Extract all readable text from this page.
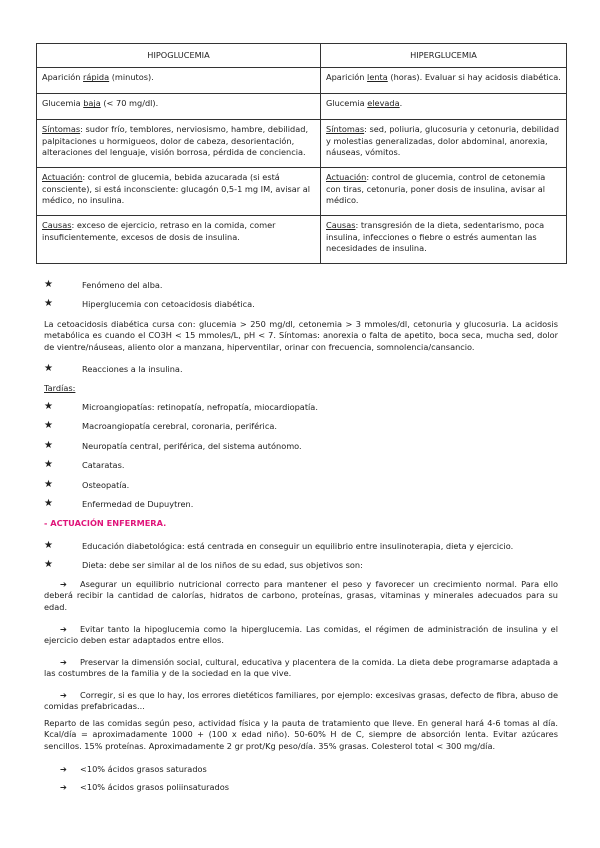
HIPOGLUCEMIA	HIPERGLUCEMIA
Aparición rápida (minutos).	Aparición lenta (horas). Evaluar si hay acidosis diabética.
Glucemia baja (< 70 mg/dl).	Glucemia elevada.
Síntomas: sudor frío, temblores, nerviosismo, hambre, debilidad, palpitaciones u hormigueos, dolor de cabeza, desorientación, alteraciones del lenguaje, visión borrosa, pérdida de conciencia.	Síntomas: sed, poliuria, glucosuria y cetonuria, debilidad y molestias generalizadas, dolor abdominal, anorexia, náuseas, vómitos.
Actuación: control de glucemia, bebida azucarada (si está consciente), si está inconsciente: glucagón 0,5-1 mg IM, avisar al médico, no insulina.	Actuación: control de glucemia, control de cetonemia con tiras, cetonuria, poner dosis de insulina, avisar al médico.
Causas: exceso de ejercicio, retraso en la comida, comer insuficientemente, excesos de dosis de insulina.	Causas: transgresión de la dieta, sedentarismo, poca insulina, infecciones o fiebre o estrés aumentan las necesidades de insulina.
★	Fenómeno del alba.
★	Hiperglucemia con cetoacidosis diabética.
La cetoacidosis diabética cursa con: glucemia > 250 mg/dl, cetonemia > 3 mmoles/dl, cetonuria y glucosuria. La acidosis metabólica es cuando el CO3H < 15 mmoles/L, pH < 7. Síntomas: anorexia o falta de apetito, boca seca, mucha sed, dolor de vientre/náuseas, aliento olor a manzana, hiperventilar, orinar con frecuencia, somnolencia/cansancio.
★	Reacciones a la insulina.
Tardías:
★	Microangiopatías: retinopatía, nefropatía, miocardiopatía.
★	Macroangiopatía cerebral, coronaria, periférica.
★	Neuropatía central, periférica, del sistema autónomo.
★	Cataratas.
★	Osteopatía.
★	Enfermedad de Dupuytren.
- ACTUACIÓN ENFERMERA.
★	Educación diabetológica: está centrada en conseguir un equilibrio entre insulinoterapia, dieta y ejercicio.
★	Dieta: debe ser similar al de los niños de su edad, sus objetivos son:
➔ Asegurar un equilibrio nutricional correcto para mantener el peso y favorecer un crecimiento normal. Para ello deberá recibir la cantidad de calorías, hidratos de carbono, proteínas, grasas, vitaminas y minerales adecuados para su edad.
➔ Evitar tanto la hipoglucemia como la hiperglucemia. Las comidas, el régimen de administración de insulina y el ejercicio deben estar adaptados entre ellos.
➔ Preservar la dimensión social, cultural, educativa y placentera de la comida. La dieta debe programarse adaptada a las costumbres de la familia y de la sociedad en la que vive.
➔ Corregir, si es que lo hay, los errores dietéticos familiares, por ejemplo: excesivas grasas, defecto de fibra, abuso de comidas prefabricadas...
Reparto de las comidas según peso, actividad física y la pauta de tratamiento que lleve. En general hará 4-6 tomas al día. Kcal/día = aproximadamente 1000 + (100 x edad niño). 50-60% H de C, siempre de absorción lenta. Evitar azúcares sencillos. 15% proteínas. Aproximadamente 2 gr prot/Kg peso/día. 35% grasas. Colesterol total < 300 mg/día.
➔ <10% ácidos grasos saturados
➔ <10% ácidos grasos poliinsaturados
